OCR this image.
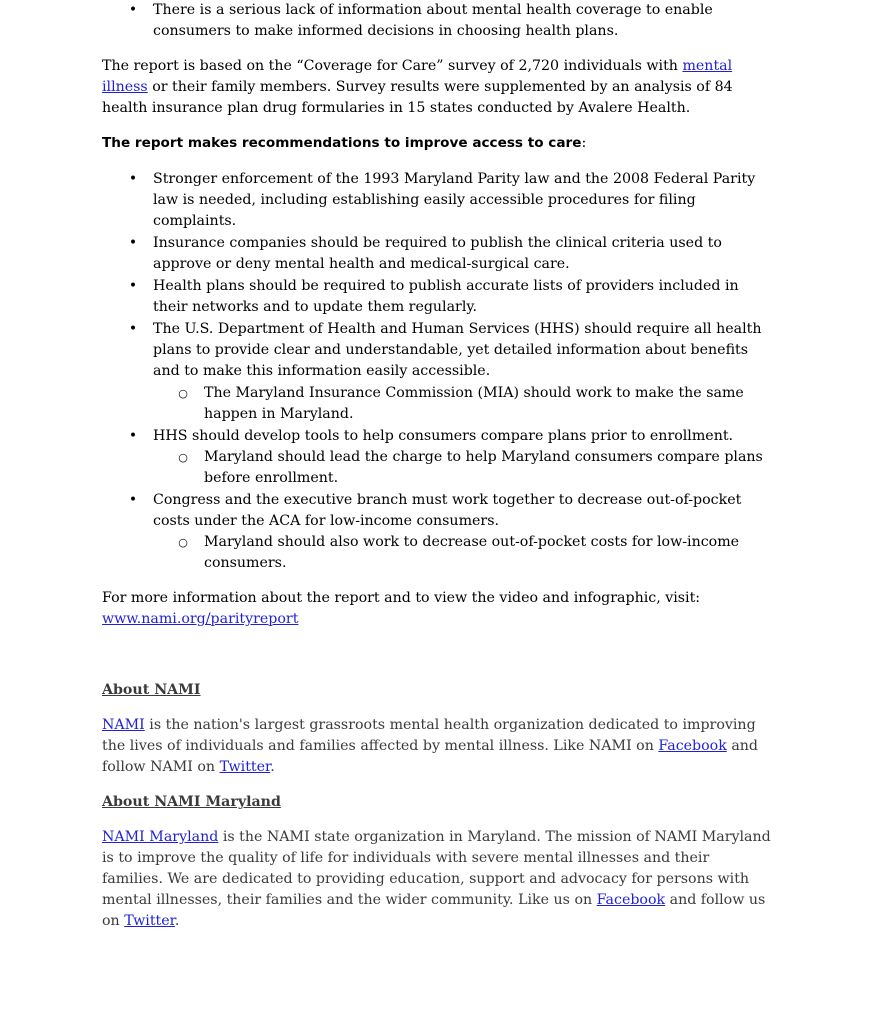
• There is a serious lack of information about mental health coverage to enable consumers to make informed decisions in choosing health plans.

The report is based on the “Coverage for Care” survey of 2,720 individuals with mental illness or their family members. Survey results were supplemented by an analysis of 84 health insurance plan drug formularies in 15 states conducted by Avalere Health.

The report makes recommendations to improve access to care:

• Stronger enforcement of the 1993 Maryland Parity law and the 2008 Federal Parity law is needed, including establishing easily accessible procedures for filing complaints.
• Insurance companies should be required to publish the clinical criteria used to approve or deny mental health and medical-surgical care.
• Health plans should be required to publish accurate lists of providers included in their networks and to update them regularly.
• The U.S. Department of Health and Human Services (HHS) should require all health plans to provide clear and understandable, yet detailed information about benefits and to make this information easily accessible.
○ The Maryland Insurance Commission (MIA) should work to make the same happen in Maryland.
• HHS should develop tools to help consumers compare plans prior to enrollment.
○ Maryland should lead the charge to help Maryland consumers compare plans before enrollment.
• Congress and the executive branch must work together to decrease out-of-pocket costs under the ACA for low-income consumers.
○ Maryland should also work to decrease out-of-pocket costs for low-income consumers.

For more information about the report and to view the video and infographic, visit:
www.nami.org/parityreport

About NAMI

NAMI is the nation's largest grassroots mental health organization dedicated to improving the lives of individuals and families affected by mental illness. Like NAMI on Facebook and follow NAMI on Twitter.

About NAMI Maryland

NAMI Maryland is the NAMI state organization in Maryland. The mission of NAMI Maryland is to improve the quality of life for individuals with severe mental illnesses and their families. We are dedicated to providing education, support and advocacy for persons with mental illnesses, their families and the wider community. Like us on Facebook and follow us on Twitter.
